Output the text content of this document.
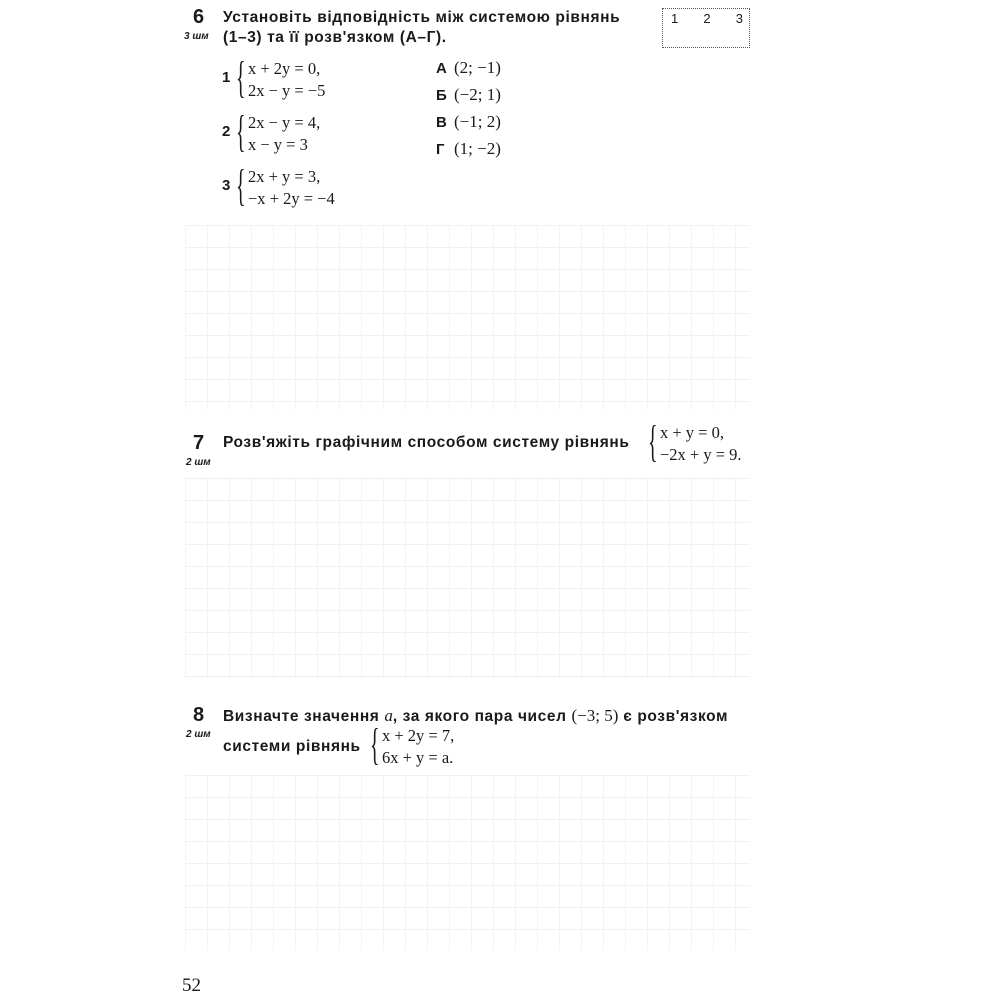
6
3 шм
Установіть відповідність між системою рівнянь
(1–3) та її розв'язком (А–Г).
1 2 3
1 { x + 2y = 0,
2x − y = −5
2 { 2x − y = 4,
x − y = 3
3 { 2x + y = 3,
−x + 2y = −4
А (2; −1)
Б (−2; 1)
В (−1; 2)
Г (1; −2)
7
2 шм
Розв'яжіть графічним способом систему рівнянь { x + y = 0,
−2x + y = 9.
8
2 шм
Визначте значення a, за якого пара чисел (−3; 5) є розв'язком
системи рівнянь { x + 2y = 7,
6x + y = a.
52
